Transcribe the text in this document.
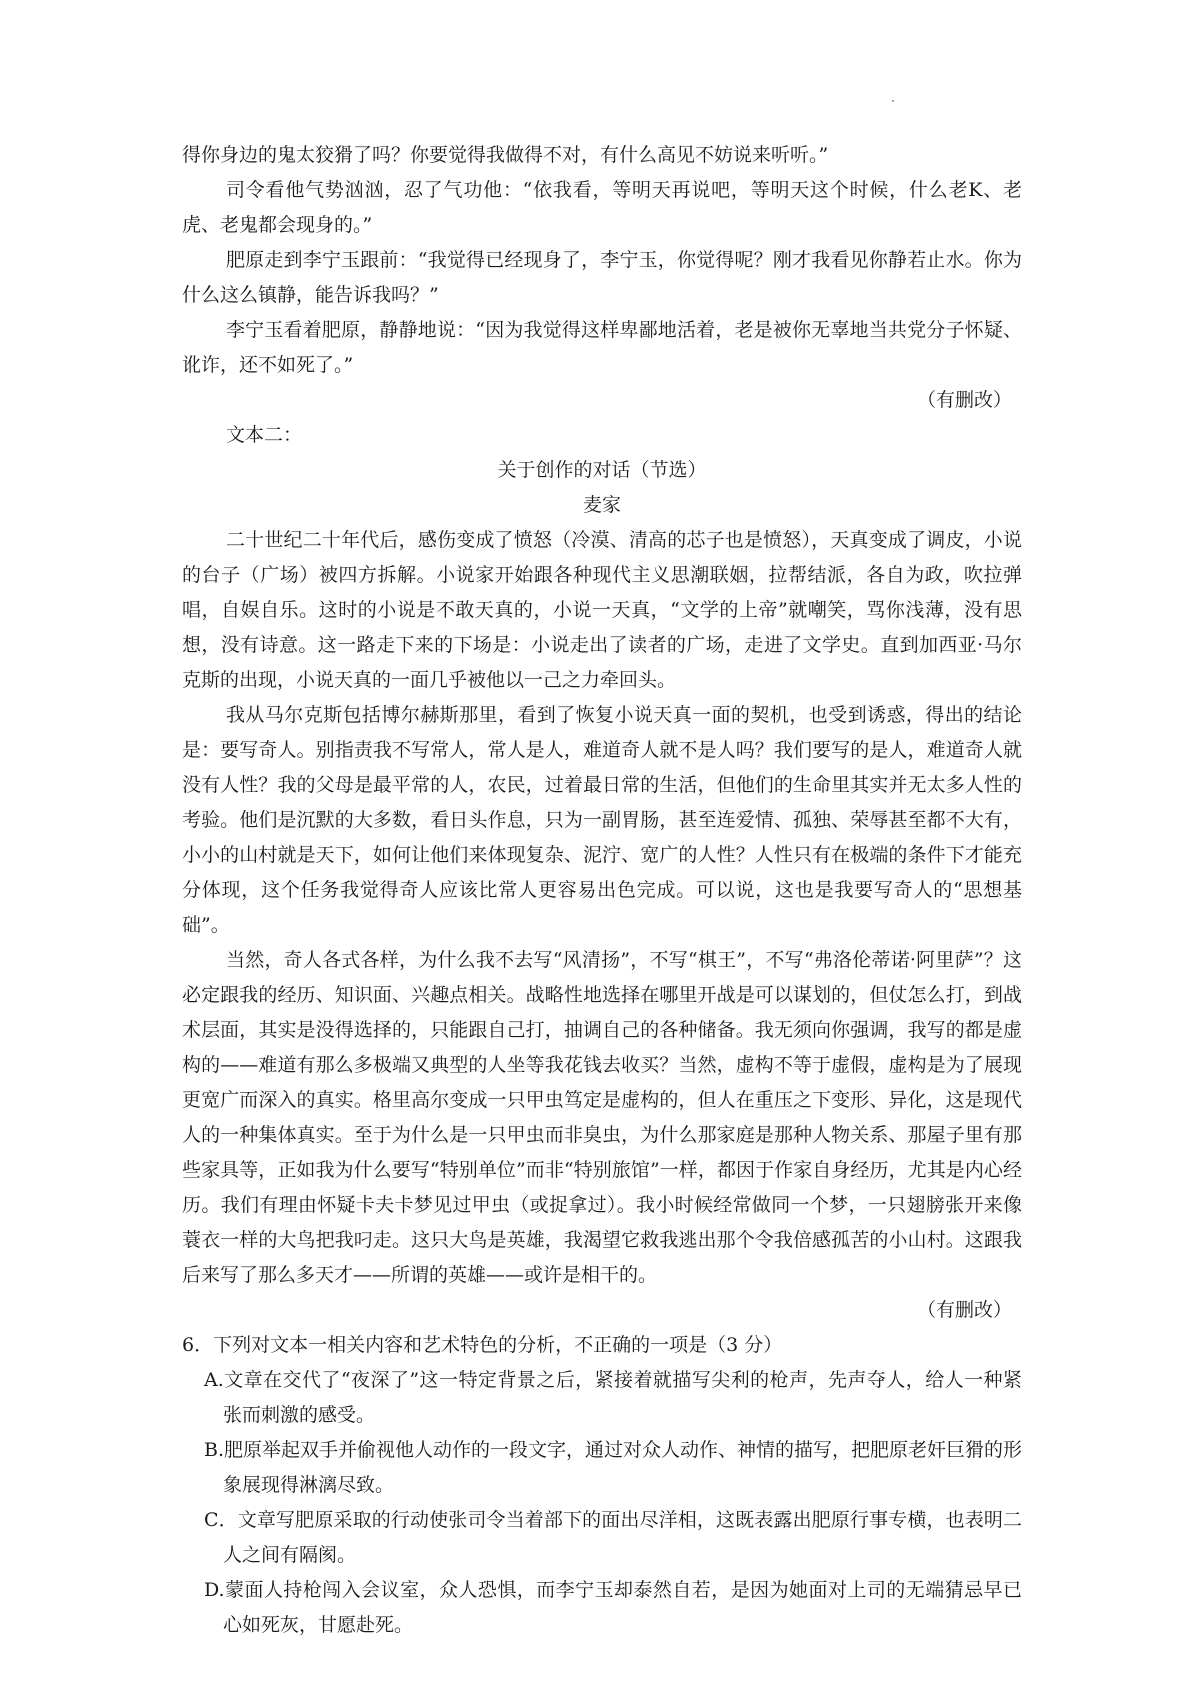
得你身边的鬼太狡猾了吗？你要觉得我做得不对，有什么高见不妨说来听听。”

司令看他气势汹汹，忍了气功他：“依我看，等明天再说吧，等明天这个时候，什么老K、老虎、老鬼都会现身的。”

肥原走到李宁玉跟前：“我觉得已经现身了，李宁玉，你觉得呢？刚才我看见你静若止水。你为什么这么镇静，能告诉我吗？”

李宁玉看着肥原，静静地说：“因为我觉得这样卑鄙地活着，老是被你无辜地当共党分子怀疑、讹诈，还不如死了。”

（有删改）

文本二：

关于创作的对话（节选）

麦家

二十世纪二十年代后，感伤变成了愤怒（冷漠、清高的芯子也是愤怒），天真变成了调皮，小说的台子（广场）被四方拆解。小说家开始跟各种现代主义思潮联姻，拉帮结派，各自为政，吹拉弹唱，自娱自乐。这时的小说是不敢天真的，小说一天真，“文学的上帝”就嘲笑，骂你浅薄，没有思想，没有诗意。这一路走下来的下场是：小说走出了读者的广场，走进了文学史。直到加西亚·马尔克斯的出现，小说天真的一面几乎被他以一己之力牵回头。

我从马尔克斯包括博尔赫斯那里，看到了恢复小说天真一面的契机，也受到诱惑，得出的结论是：要写奇人。别指责我不写常人，常人是人，难道奇人就不是人吗？我们要写的是人，难道奇人就没有人性？我的父母是最平常的人，农民，过着最日常的生活，但他们的生命里其实并无太多人性的考验。他们是沉默的大多数，看日头作息，只为一副胃肠，甚至连爱情、孤独、荣辱甚至都不大有，小小的山村就是天下，如何让他们来体现复杂、泥泞、宽广的人性？人性只有在极端的条件下才能充分体现，这个任务我觉得奇人应该比常人更容易出色完成。可以说，这也是我要写奇人的“思想基础”。

当然，奇人各式各样，为什么我不去写“风清扬”，不写“棋王”，不写“弗洛伦蒂诺·阿里萨”？这必定跟我的经历、知识面、兴趣点相关。战略性地选择在哪里开战是可以谋划的，但仗怎么打，到战术层面，其实是没得选择的，只能跟自己打，抽调自己的各种储备。我无须向你强调，我写的都是虚构的——难道有那么多极端又典型的人坐等我花钱去收买？当然，虚构不等于虚假，虚构是为了展现更宽广而深入的真实。格里高尔变成一只甲虫笃定是虚构的，但人在重压之下变形、异化，这是现代人的一种集体真实。至于为什么是一只甲虫而非臭虫，为什么那家庭是那种人物关系、那屋子里有那些家具等，正如我为什么要写“特别单位”而非“特别旅馆”一样，都因于作家自身经历，尤其是内心经历。我们有理由怀疑卡夫卡梦见过甲虫（或捉拿过）。我小时候经常做同一个梦，一只翅膀张开来像蓑衣一样的大鸟把我叼走。这只大鸟是英雄，我渴望它救我逃出那个令我倍感孤苦的小山村。这跟我后来写了那么多天才——所谓的英雄——或许是相干的。

（有删改）

6．下列对文本一相关内容和艺术特色的分析，不正确的一项是（3 分）

A.文章在交代了“夜深了”这一特定背景之后，紧接着就描写尖利的枪声，先声夺人，给人一种紧张而刺激的感受。

B.肥原举起双手并偷视他人动作的一段文字，通过对众人动作、神情的描写，把肥原老奸巨猾的形象展现得淋漓尽致。

C．文章写肥原采取的行动使张司令当着部下的面出尽洋相，这既表露出肥原行事专横，也表明二人之间有隔阂。

D.蒙面人持枪闯入会议室，众人恐惧，而李宁玉却泰然自若，是因为她面对上司的无端猜忌早已心如死灰，甘愿赴死。
